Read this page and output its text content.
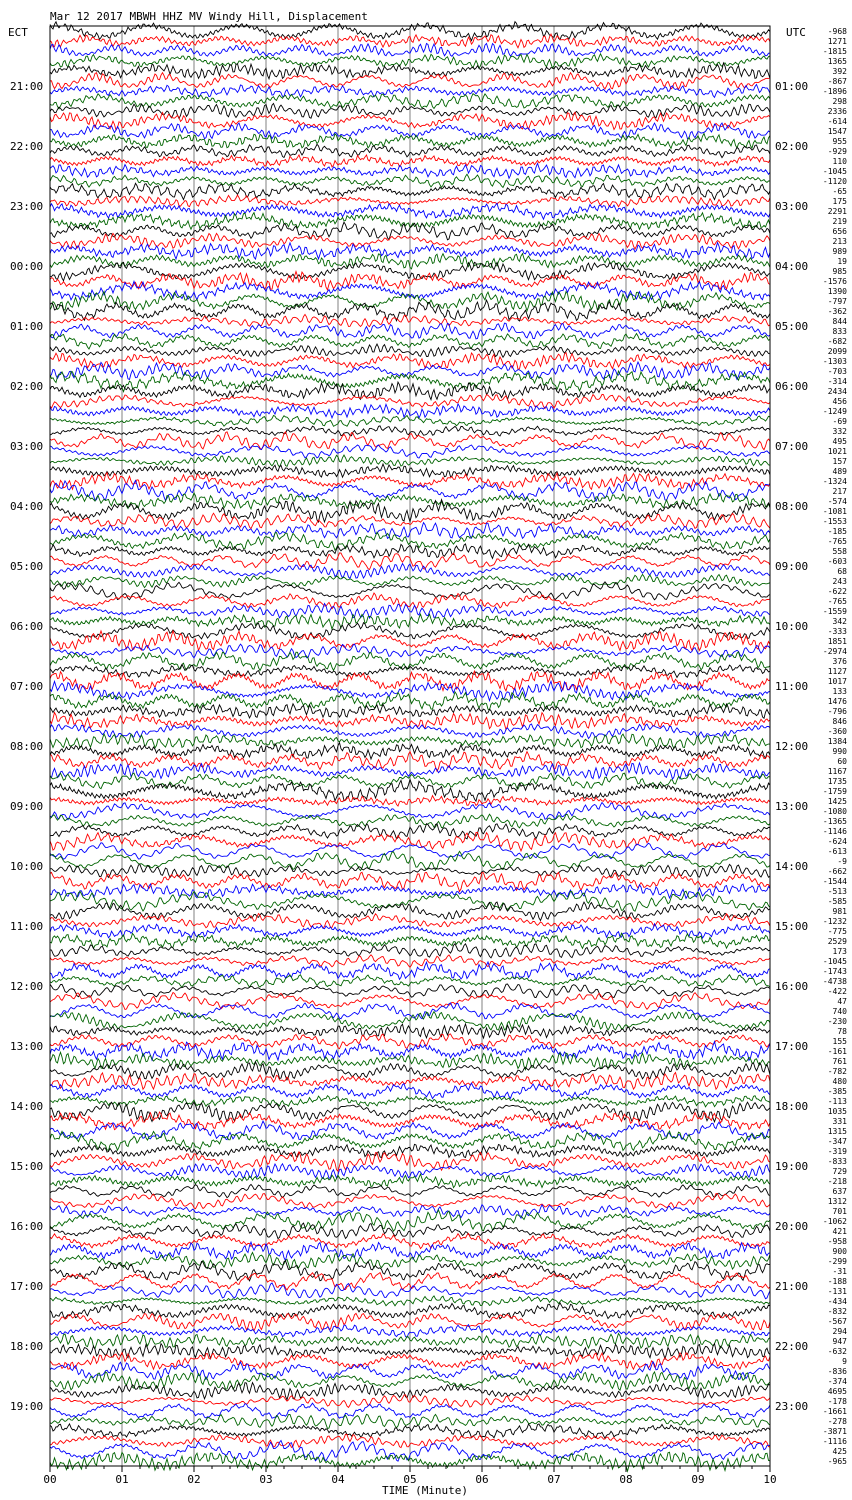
Mar 12 2017 MBWH HHZ MV Windy Hill, Displacement
ECT	UTC
21:00
22:00
23:00
00:00
01:00
02:00
03:00
04:00
05:00
06:00
07:00
08:00
09:00
10:00
11:00
12:00
13:00
14:00
15:00
16:00
17:00
18:00
19:00
01:00
02:00
03:00
04:00
05:00
06:00
07:00
08:00
09:00
10:00
11:00
12:00
13:00
14:00
15:00
16:00
17:00
18:00
19:00
20:00
21:00
22:00
23:00
-968
1271
-1815
1365
392
-867
-1896
298
2336
-614
1547
955
-929
110
-1045
-1120
-65
175
2291
219
656
213
989
19
985
-1576
1390
-797
-362
844
833
-682
2099
-1303
-703
-314
2434
456
-1249
-69
332
495
1021
157
489
-1324
217
-574
-1081
-1553
-185
-765
558
-603
68
243
-622
-765
-1559
342
-333
1851
-2974
376
1127
1017
133
1476
-796
846
-360
1384
990
60
1167
1735
-1759
1425
-1080
-1365
-1146
-624
-613
-9
-662
-1544
-513
-585
981
-1232
-775
2529
173
-1045
-1743
-4738
-422
47
740
-230
78
155
-161
761
-782
480
-385
-113
1035
331
1315
-347
-319
-833
729
-218
637
1312
701
-1062
421
-958
900
-299
-31
-188
-131
-434
-832
-567
294
947
-632
9
-836
-374
4695
-178
-1661
-278
-3871
-1116
425
-965
00	01	02	03	04	05	06	07	08	09	10
TIME (Minute)
